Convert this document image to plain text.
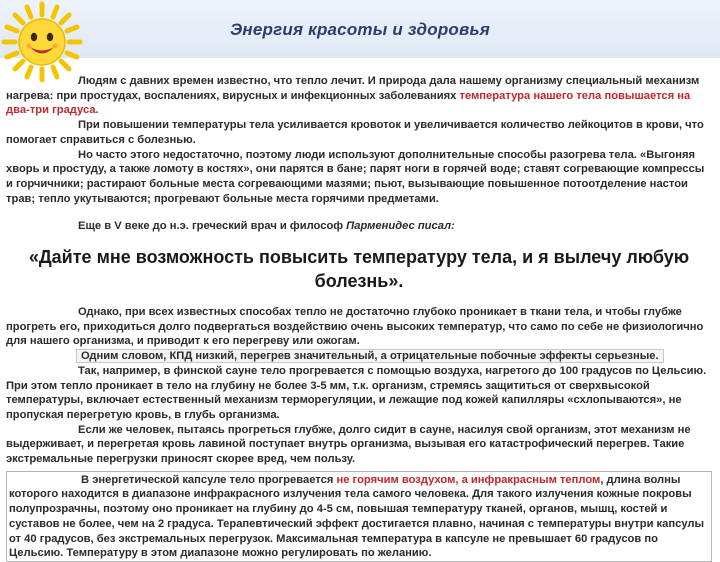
Энергия красоты и здоровья

Людям с давних времен известно, что тепло лечит. И природа дала нашему организму специальный механизм нагрева: при простудах, воспалениях, вирусных и инфекционных заболеваниях температура нашего тела повышается на два-три градуса.

При повышении температуры тела усиливается кровоток и увеличивается количество лейкоцитов в крови, что помогает справиться с болезнью.

Но часто этого недостаточно, поэтому люди используют дополнительные способы разогрева тела. «Выгоняя хворь и простуду, а также ломоту в костях», они парятся в бане; парят ноги в горячей воде; ставят согревающие компрессы и горчичники; растирают больные места согревающими мазями; пьют, вызывающие повышенное потоотделение настои трав; тепло укутываются; прогревают больные места горячими предметами.

Еще в V веке до н.э. греческий врач и философ Парменидес писал:

«Дайте мне возможность повысить температуру тела, и я вылечу любую болезнь».

Однако, при всех известных способах тепло не достаточно глубоко проникает в ткани тела, и чтобы глубже прогреть его, приходиться долго подвергаться воздействию очень высоких температур, что само по себе не физиологично для нашего организма, и приводит к его перегреву или ожогам.

Одним словом, КПД низкий, перегрев значительный, а отрицательные побочные эффекты серьезные.

Так, например, в финской сауне тело прогревается с помощью воздуха, нагретого до 100 градусов по Цельсию. При этом тепло проникает в тело на глубину не более 3-5 мм, т.к. организм, стремясь защититься от сверхвысокой температуры, включает естественный механизм терморегуляции, и лежащие под кожей капилляры «схлопываются», не пропуская перегретую кровь, в глубь организма.

Если же человек, пытаясь прогреться глубже, долго сидит в сауне, насилуя свой организм, этот механизм не выдерживает, и перегретая кровь лавиной поступает внутрь организма, вызывая его катастрофический перегрев. Такие экстремальные перегрузки приносят скорее вред, чем пользу.

В энергетической капсуле тело прогревается не горячим воздухом, а инфракрасным теплом, длина волны которого находится в диапазоне инфракрасного излучения тела самого человека. Для такого излучения кожные покровы полупрозрачны, поэтому оно проникает на глубину до 4-5 см, повышая температуру тканей, органов, мышц, костей и суставов не более, чем на 2 градуса. Терапевтический эффект достигается плавно, начиная с температуры внутри капсулы от 40 градусов, без экстремальных перегрузок. Максимальная температура в капсуле не превышает 60 градусов по Цельсию. Температуру в этом диапазоне можно регулировать по желанию.
